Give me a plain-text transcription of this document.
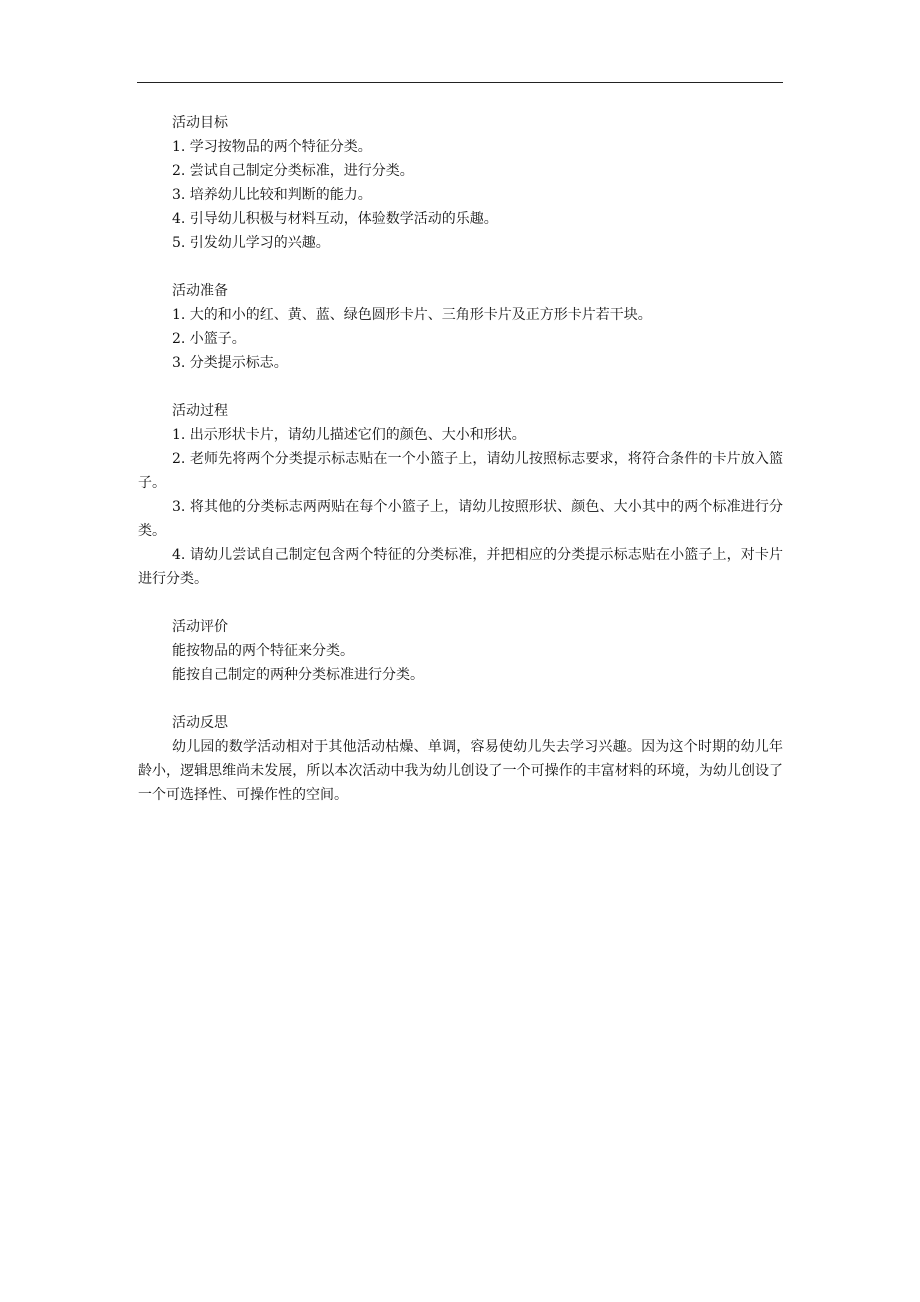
活动目标
1. 学习按物品的两个特征分类。
2. 尝试自己制定分类标准，进行分类。
3. 培养幼儿比较和判断的能力。
4. 引导幼儿积极与材料互动，体验数学活动的乐趣。
5. 引发幼儿学习的兴趣。
活动准备
1. 大的和小的红、黄、蓝、绿色圆形卡片、三角形卡片及正方形卡片若干块。
2. 小篮子。
3. 分类提示标志。
活动过程
1. 出示形状卡片，请幼儿描述它们的颜色、大小和形状。
2. 老师先将两个分类提示标志贴在一个小篮子上，请幼儿按照标志要求，将符合条件的卡片放入篮子。
3. 将其他的分类标志两两贴在每个小篮子上，请幼儿按照形状、颜色、大小其中的两个标准进行分类。
4. 请幼儿尝试自己制定包含两个特征的分类标准，并把相应的分类提示标志贴在小篮子上，对卡片进行分类。
活动评价
能按物品的两个特征来分类。
能按自己制定的两种分类标准进行分类。
活动反思
幼儿园的数学活动相对于其他活动枯燥、单调，容易使幼儿失去学习兴趣。因为这个时期的幼儿年龄小，逻辑思维尚未发展，所以本次活动中我为幼儿创设了一个可操作的丰富材料的环境，为幼儿创设了一个可选择性、可操作性的空间。
